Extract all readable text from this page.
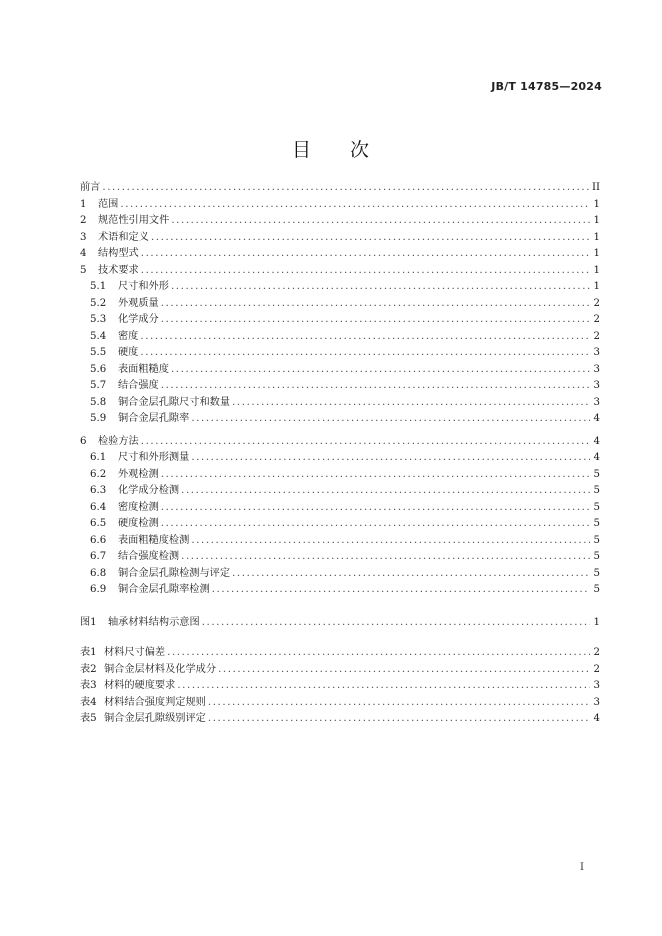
JB/T 14785—2024
目 次
前言 .....	II
1	范围 .....	1
2	规范性引用文件 .....	1
3	术语和定义 .....	1
4	结构型式 .....	1
5	技术要求 .....	1
5.1	尺寸和外形 .....	1
5.2	外观质量 .....	2
5.3	化学成分 .....	2
5.4	密度 .....	2
5.5	硬度 .....	3
5.6	表面粗糙度 .....	3
5.7	结合强度 .....	3
5.8	铜合金层孔隙尺寸和数量 .....	3
5.9	铜合金层孔隙率 .....	4
6	检验方法 .....	4
6.1	尺寸和外形测量 .....	4
6.2	外观检测 .....	5
6.3	化学成分检测 .....	5
6.4	密度检测 .....	5
6.5	硬度检测 .....	5
6.6	表面粗糙度检测 .....	5
6.7	结合强度检测 .....	5
6.8	铜合金层孔隙检测与评定 .....	5
6.9	铜合金层孔隙率检测 .....	5
图1	轴承材料结构示意图 .....	1
表1 材料尺寸偏差 .....	2
表2 铜合金层材料及化学成分 .....	2
表3 材料的硬度要求 .....	3
表4 材料结合强度判定规则 .....	3
表5 铜合金层孔隙级别评定 .....	4
I
